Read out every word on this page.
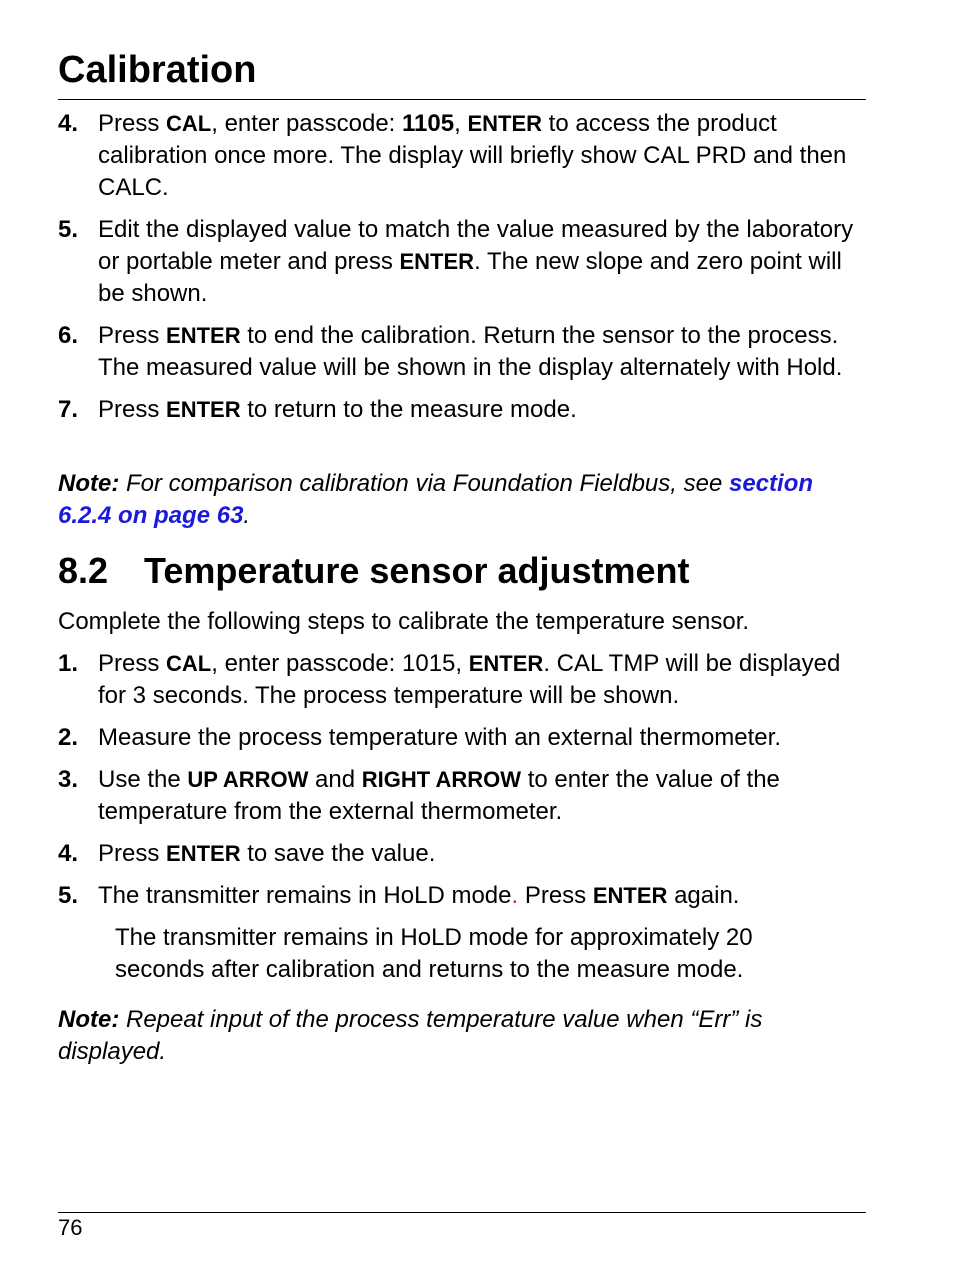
Calibration
4. Press CAL, enter passcode: 1105, ENTER to access the product calibration once more. The display will briefly show CAL PRD and then CALC.
5. Edit the displayed value to match the value measured by the laboratory or portable meter and press ENTER. The new slope and zero point will be shown.
6. Press ENTER to end the calibration. Return the sensor to the process. The measured value will be shown in the display alternately with Hold.
7. Press ENTER to return to the measure mode.
Note: For comparison calibration via Foundation Fieldbus, see section 6.2.4 on page 63.
8.2 Temperature sensor adjustment
Complete the following steps to calibrate the temperature sensor.
1. Press CAL, enter passcode: 1015, ENTER. CAL TMP will be displayed for 3 seconds. The process temperature will be shown.
2. Measure the process temperature with an external thermometer.
3. Use the UP ARROW and RIGHT ARROW to enter the value of the temperature from the external thermometer.
4. Press ENTER to save the value.
5. The transmitter remains in HoLD mode. Press ENTER again.

The transmitter remains in HoLD mode for approximately 20 seconds after calibration and returns to the measure mode.

Note: Repeat input of the process temperature value when “Err” is displayed.
76
